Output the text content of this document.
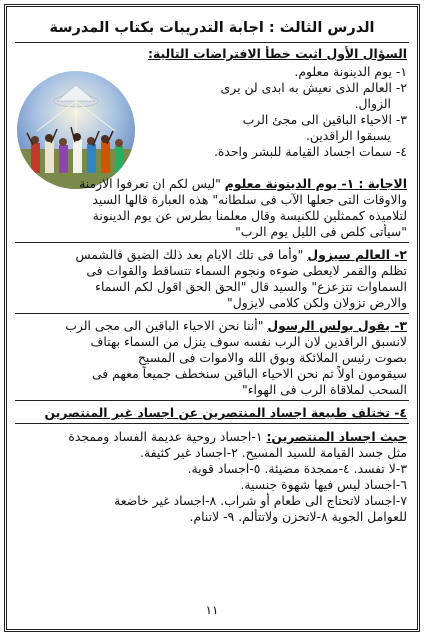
الدرس الثالث : اجابة التدريبات بكتاب المدرسة
السؤال الأول اثبت خطأ الافتراضات التالية:
١- يوم الدينونة معلوم.
٢- العالم الذى نعيش به ابدى لن يرى
الزوال.
٣- الاحياء الباقين الى مجئ الرب
يسبقوا الراقدين.
٤- سمات اجساد القيامة للبشر واحدة.
الاجابة : ١- يوم الدينونة معلوم "ليس لكم ان تعرفوا الازمنة
والاوقات التى جعلها الآب فى سلطانه" هذه العبارة قالها السيد
لتلاميذه كممثلين للكنيسة وقال معلمنا بطرس عن يوم الدينونة
"سيأتى كلص فى الليل يوم الرب"
٢- العالم سيزول "وأما فى تلك الايام بعد ذلك الضيق فالشمس
تظلم والقمر لايعطى ضوءه ونجوم السماء تتساقط والقوات فى
السماوات تتزعزع" والسيد قال "الحق الحق اقول لكم السماء
والارض تزولان ولكن كلامى لايزول"
٣- يقول بولس الرسول "أننا نحن الاحياء الباقين الى مجى الرب
لانسبق الراقدين لان الرب نفسه سوف ينزل من السماء بهتاف
بصوت رئيس الملائكة وبوق الله والاموات فى المسيح
سيقومون اولاً ثم نحن الاحياء الباقين سنخطف جميعاً معهم فى
السحب لملاقاة الرب فى الهواء"
٤- تختلف طبيعة اجساد المنتصرين عن اجساد غير المنتصرين
حيث اجساد المنتصرين: ١-اجساد روحية عديمة الفساد وممجدة
مثل جسد القيامة للسيد المسيح. ٢-اجساد غير كثيفة.
٣-لا تفسد. ٤-ممجدة مضيئة. ٥-اجساد قوية.
٦-اجساد ليس فيها شهوة جنسية.
٧-اجساد لاتحتاج الى طعام أو شراب. ٨-اجساد غير خاضعة
للعوامل الجوية ٨-لاتحزن ولاتتألم. ٩- لاتنام.
١١
